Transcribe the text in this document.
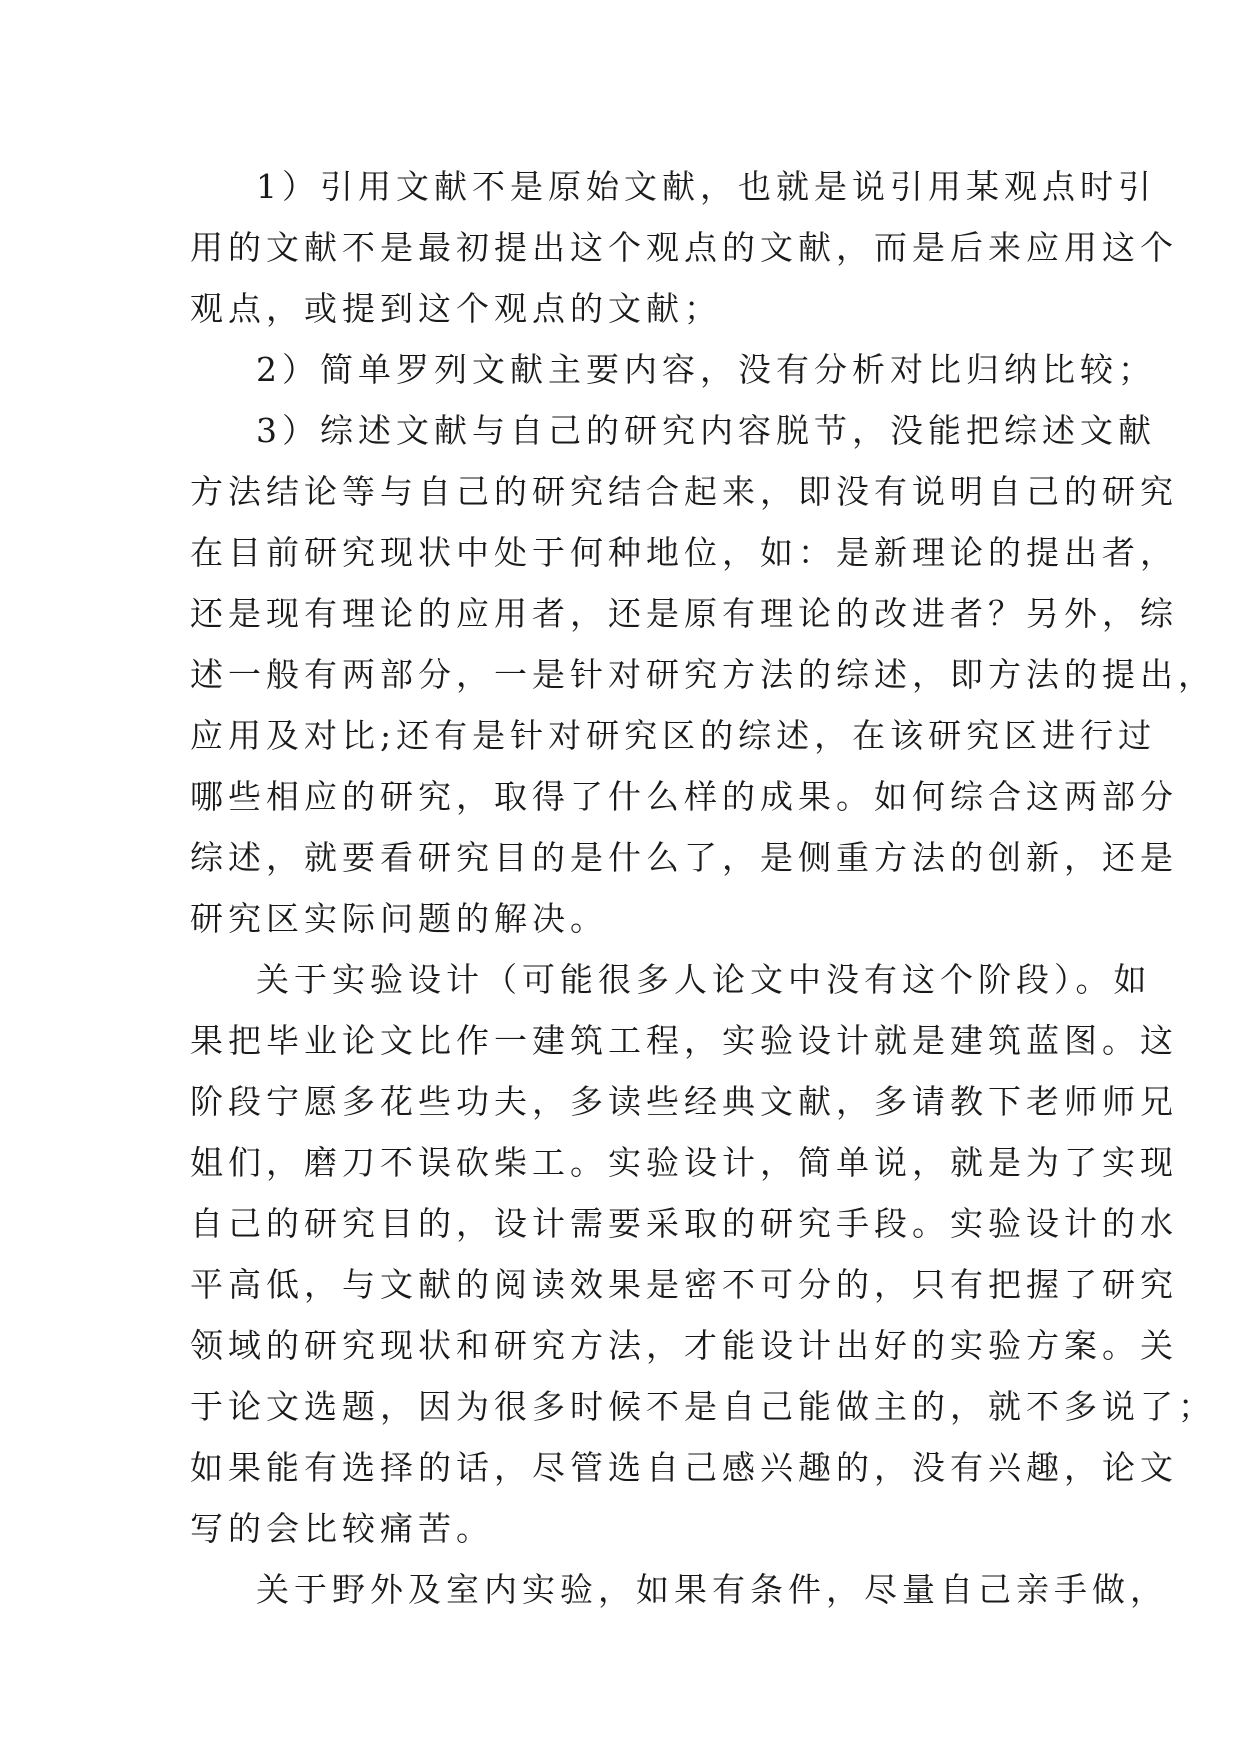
1）引用文献不是原始文献，也就是说引用某观点时引
用的文献不是最初提出这个观点的文献，而是后来应用这个
观点，或提到这个观点的文献；
2）简单罗列文献主要内容，没有分析对比归纳比较；
3）综述文献与自己的研究内容脱节，没能把综述文献
方法结论等与自己的研究结合起来，即没有说明自己的研究
在目前研究现状中处于何种地位，如：是新理论的提出者，
还是现有理论的应用者，还是原有理论的改进者？另外，综
述一般有两部分，一是针对研究方法的综述，即方法的提出，
应用及对比;还有是针对研究区的综述，在该研究区进行过
哪些相应的研究，取得了什么样的成果。如何综合这两部分
综述，就要看研究目的是什么了，是侧重方法的创新，还是
研究区实际问题的解决。
关于实验设计（可能很多人论文中没有这个阶段）。如
果把毕业论文比作一建筑工程，实验设计就是建筑蓝图。这
阶段宁愿多花些功夫，多读些经典文献，多请教下老师师兄
姐们，磨刀不误砍柴工。实验设计，简单说，就是为了实现
自己的研究目的，设计需要采取的研究手段。实验设计的水
平高低，与文献的阅读效果是密不可分的，只有把握了研究
领域的研究现状和研究方法，才能设计出好的实验方案。关
于论文选题，因为很多时候不是自己能做主的，就不多说了；
如果能有选择的话，尽管选自己感兴趣的，没有兴趣，论文
写的会比较痛苦。
关于野外及室内实验，如果有条件，尽量自己亲手做，
